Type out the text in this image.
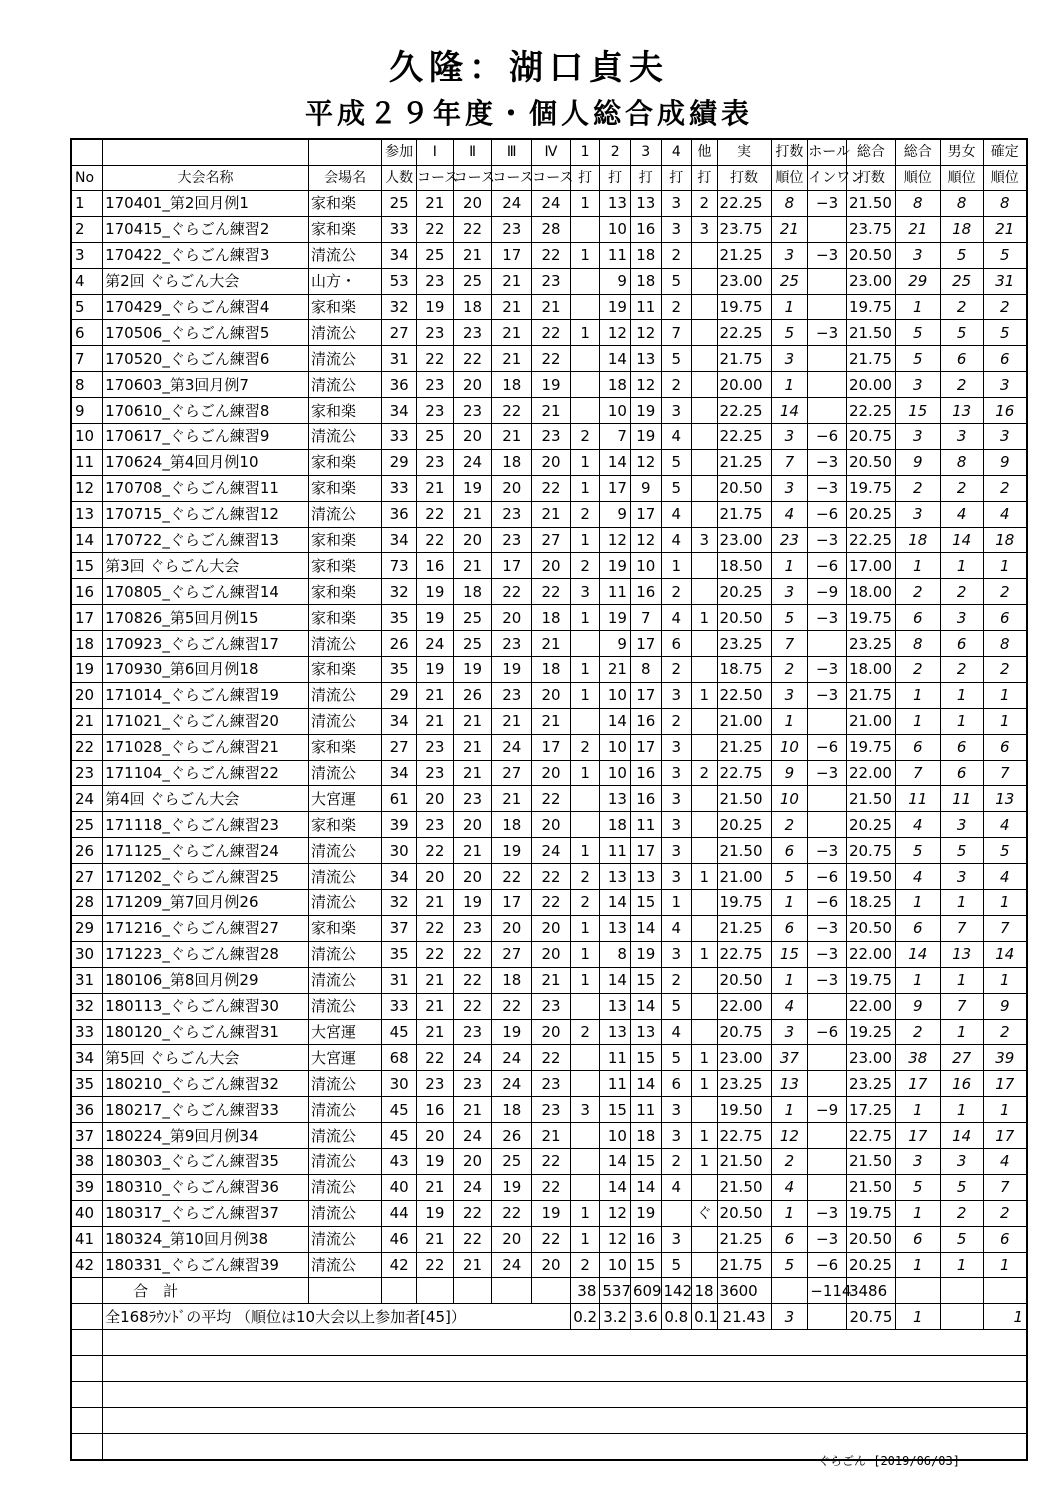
久隆：湖口貞夫
平成２９年度・個人総合成績表
			参加	Ⅰ	Ⅱ	Ⅲ	Ⅳ	1	2	3	4	他	実	打数	ホール	総合	総合	男女	確定
No	大会名称	会場名	人数	コース	コース	コース	コース	打	打	打	打	打	打数	順位	インワン	打数	順位	順位	順位
1	170401_第2回月例1	家和楽	25	21	20	24	24	1	13	13	3	2	22.25	8	−3	21.50	8	8	8
2	170415_ぐらごん練習2	家和楽	33	22	22	23	28		10	16	3	3	23.75	21		23.75	21	18	21
3	170422_ぐらごん練習3	清流公	34	25	21	17	22	1	11	18	2		21.25	3	−3	20.50	3	5	5
4	第2回 ぐらごん大会	山方・	53	23	25	21	23		9	18	5		23.00	25		23.00	29	25	31
5	170429_ぐらごん練習4	家和楽	32	19	18	21	21		19	11	2		19.75	1		19.75	1	2	2
6	170506_ぐらごん練習5	清流公	27	23	23	21	22	1	12	12	7		22.25	5	−3	21.50	5	5	5
7	170520_ぐらごん練習6	清流公	31	22	22	21	22		14	13	5		21.75	3		21.75	5	6	6
8	170603_第3回月例7	清流公	36	23	20	18	19		18	12	2		20.00	1		20.00	3	2	3
9	170610_ぐらごん練習8	家和楽	34	23	23	22	21		10	19	3		22.25	14		22.25	15	13	16
10	170617_ぐらごん練習9	清流公	33	25	20	21	23	2	7	19	4		22.25	3	−6	20.75	3	3	3
11	170624_第4回月例10	家和楽	29	23	24	18	20	1	14	12	5		21.25	7	−3	20.50	9	8	9
12	170708_ぐらごん練習11	家和楽	33	21	19	20	22	1	17	9	5		20.50	3	−3	19.75	2	2	2
13	170715_ぐらごん練習12	清流公	36	22	21	23	21	2	9	17	4		21.75	4	−6	20.25	3	4	4
14	170722_ぐらごん練習13	家和楽	34	22	20	23	27	1	12	12	4	3	23.00	23	−3	22.25	18	14	18
15	第3回 ぐらごん大会	家和楽	73	16	21	17	20	2	19	10	1		18.50	1	−6	17.00	1	1	1
16	170805_ぐらごん練習14	家和楽	32	19	18	22	22	3	11	16	2		20.25	3	−9	18.00	2	2	2
17	170826_第5回月例15	家和楽	35	19	25	20	18	1	19	7	4	1	20.50	5	−3	19.75	6	3	6
18	170923_ぐらごん練習17	清流公	26	24	25	23	21		9	17	6		23.25	7		23.25	8	6	8
19	170930_第6回月例18	家和楽	35	19	19	19	18	1	21	8	2		18.75	2	−3	18.00	2	2	2
20	171014_ぐらごん練習19	清流公	29	21	26	23	20	1	10	17	3	1	22.50	3	−3	21.75	1	1	1
21	171021_ぐらごん練習20	清流公	34	21	21	21	21		14	16	2		21.00	1		21.00	1	1	1
22	171028_ぐらごん練習21	家和楽	27	23	21	24	17	2	10	17	3		21.25	10	−6	19.75	6	6	6
23	171104_ぐらごん練習22	清流公	34	23	21	27	20	1	10	16	3	2	22.75	9	−3	22.00	7	6	7
24	第4回 ぐらごん大会	大宮運	61	20	23	21	22		13	16	3		21.50	10		21.50	11	11	13
25	171118_ぐらごん練習23	家和楽	39	23	20	18	20		18	11	3		20.25	2		20.25	4	3	4
26	171125_ぐらごん練習24	清流公	30	22	21	19	24	1	11	17	3		21.50	6	−3	20.75	5	5	5
27	171202_ぐらごん練習25	清流公	34	20	20	22	22	2	13	13	3	1	21.00	5	−6	19.50	4	3	4
28	171209_第7回月例26	清流公	32	21	19	17	22	2	14	15	1		19.75	1	−6	18.25	1	1	1
29	171216_ぐらごん練習27	家和楽	37	22	23	20	20	1	13	14	4		21.25	6	−3	20.50	6	7	7
30	171223_ぐらごん練習28	清流公	35	22	22	27	20	1	8	19	3	1	22.75	15	−3	22.00	14	13	14
31	180106_第8回月例29	清流公	31	21	22	18	21	1	14	15	2		20.50	1	−3	19.75	1	1	1
32	180113_ぐらごん練習30	清流公	33	21	22	22	23		13	14	5		22.00	4		22.00	9	7	9
33	180120_ぐらごん練習31	大宮運	45	21	23	19	20	2	13	13	4		20.75	3	−6	19.25	2	1	2
34	第5回 ぐらごん大会	大宮運	68	22	24	24	22		11	15	5	1	23.00	37		23.00	38	27	39
35	180210_ぐらごん練習32	清流公	30	23	23	24	23		11	14	6	1	23.25	13		23.25	17	16	17
36	180217_ぐらごん練習33	清流公	45	16	21	18	23	3	15	11	3		19.50	1	−9	17.25	1	1	1
37	180224_第9回月例34	清流公	45	20	24	26	21		10	18	3	1	22.75	12		22.75	17	14	17
38	180303_ぐらごん練習35	清流公	43	19	20	25	22		14	15	2	1	21.50	2		21.50	3	3	4
39	180310_ぐらごん練習36	清流公	40	21	24	19	22		14	14	4		21.50	4		21.50	5	5	7
40	180317_ぐらごん練習37	清流公	44	19	22	22	19	1	12	19		ぐ	20.50	1	−3	19.75	1	2	2
41	180324_第10回月例38	清流公	46	21	22	20	22	1	12	16	3		21.25	6	−3	20.50	6	5	6
42	180331_ぐらごん練習39	清流公	42	22	21	24	20	2	10	15	5		21.75	5	−6	20.25	1	1	1
	合　計							38	537	609	142	18	3600		−114	3486			
	全168ﾗｳﾝﾄﾞの平均 （順位は10大会以上参加者[45]）							0.2	3.2	3.6	0.8	0.1	21.43	3		20.75	1		1

ぐらごん [2019/06/03]
